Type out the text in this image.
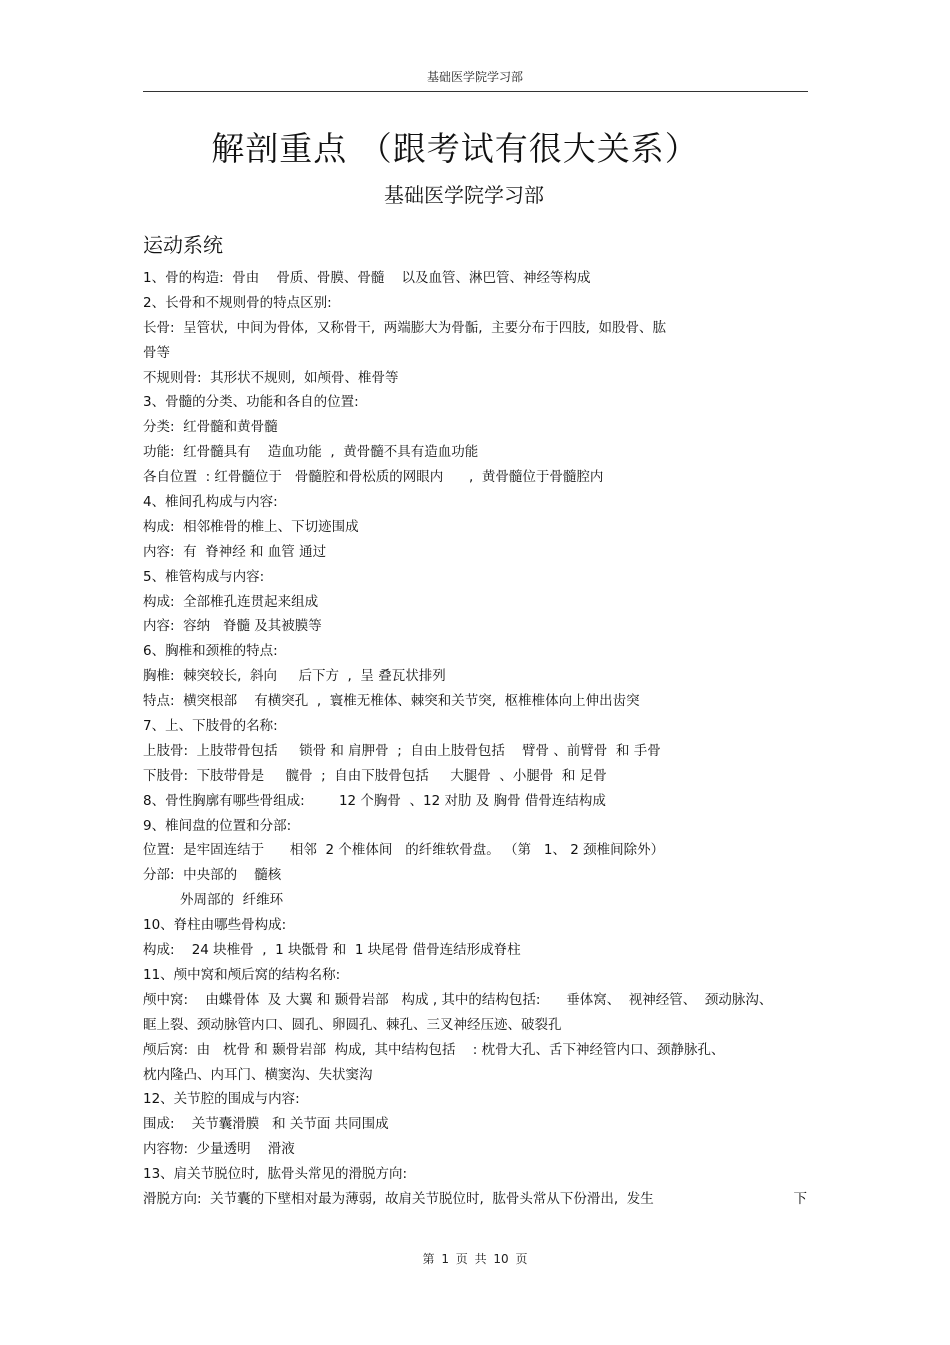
基础医学院学习部
解剖重点 （跟考试有很大关系）
基础医学院学习部
运动系统
1、骨的构造:  骨由    骨质、骨膜、骨髓    以及血管、淋巴管、神经等构成
2、长骨和不规则骨的特点区别:
长骨:  呈管状,  中间为骨体,  又称骨干,  两端膨大为骨骺,  主要分布于四肢,  如股骨、肱
骨等
不规则骨:  其形状不规则,  如颅骨、椎骨等
3、骨髓的分类、功能和各自的位置:
分类:  红骨髓和黄骨髓
功能:  红骨髓具有    造血功能  ,  黄骨髓不具有造血功能
各自位置  : 红骨髓位于   骨髓腔和骨松质的网眼内      ,  黄骨髓位于骨髓腔内
4、椎间孔构成与内容:
构成:  相邻椎骨的椎上、下切迹围成
内容:  有  脊神经 和 血管 通过
5、椎管构成与内容:
构成:  全部椎孔连贯起来组成
内容:  容纳   脊髓 及其被膜等
6、胸椎和颈椎的特点:
胸椎:  棘突较长,  斜向     后下方  ,  呈 叠瓦状排列
特点:  横突根部    有横突孔  ,  寰椎无椎体、棘突和关节突,  枢椎椎体向上伸出齿突
7、上、下肢骨的名称:
上肢骨:  上肢带骨包括     锁骨 和 肩胛骨  ;  自由上肢骨包括    臂骨 、前臂骨  和 手骨
下肢骨:  下肢带骨是     髋骨  ;  自由下肢骨包括     大腿骨  、小腿骨  和 足骨
8、骨性胸廓有哪些骨组成:        12 个胸骨  、12 对肋 及 胸骨 借骨连结构成
9、椎间盘的位置和分部:
位置:  是牢固连结于      相邻  2 个椎体间   的纤维软骨盘。 （第   1、 2 颈椎间除外）
分部:  中央部的    髓核
外周部的  纤维环
10、脊柱由哪些骨构成:
构成:    24 块椎骨  ,  1 块骶骨 和  1 块尾骨 借骨连结形成脊柱
11、颅中窝和颅后窝的结构名称:
颅中窝:    由蝶骨体  及 大翼 和 颞骨岩部   构成 , 其中的结构包括:      垂体窝、  视神经管、  颈动脉沟、
眶上裂、颈动脉管内口、圆孔、卵圆孔、棘孔、三叉神经压迹、破裂孔
颅后窝:  由   枕骨 和 颞骨岩部  构成,  其中结构包括    : 枕骨大孔、舌下神经管内口、颈静脉孔、
枕内隆凸、内耳门、横窦沟、失状窦沟
12、关节腔的围成与内容:
围成:    关节囊滑膜   和 关节面 共同围成
内容物:  少量透明    滑液
13、肩关节脱位时,  肱骨头常见的滑脱方向:
滑脱方向:  关节囊的下壁相对最为薄弱,  故肩关节脱位时,  肱骨头常从下份滑出,  发生	下
第 1 页 共 10 页
